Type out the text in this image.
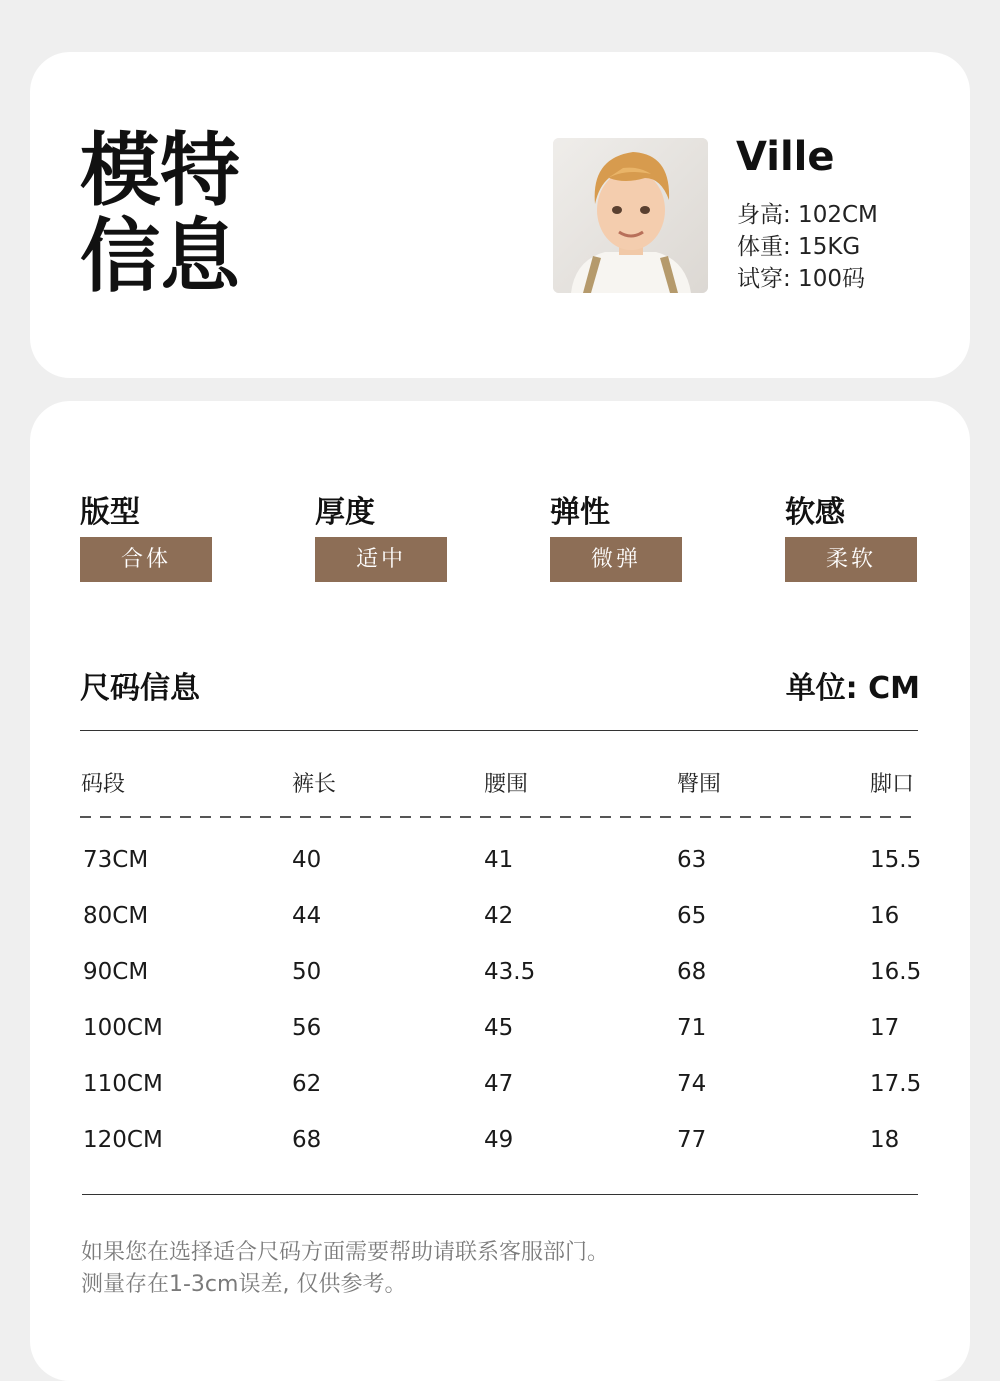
模特
信息
Ville
身高: 102CM
体重: 15KG
试穿: 100码
版型
合体
厚度
适中
弹性
微弹
软感
柔软
尺码信息	单位: CM
码段	裤长	腰围	臀围	脚口
73CM	40	41	63	15.5
80CM	44	42	65	16
90CM	50	43.5	68	16.5
100CM	56	45	71	17
110CM	62	47	74	17.5
120CM	68	49	77	18
如果您在选择适合尺码方面需要帮助请联系客服部门。
测量存在1-3cm误差, 仅供参考。
